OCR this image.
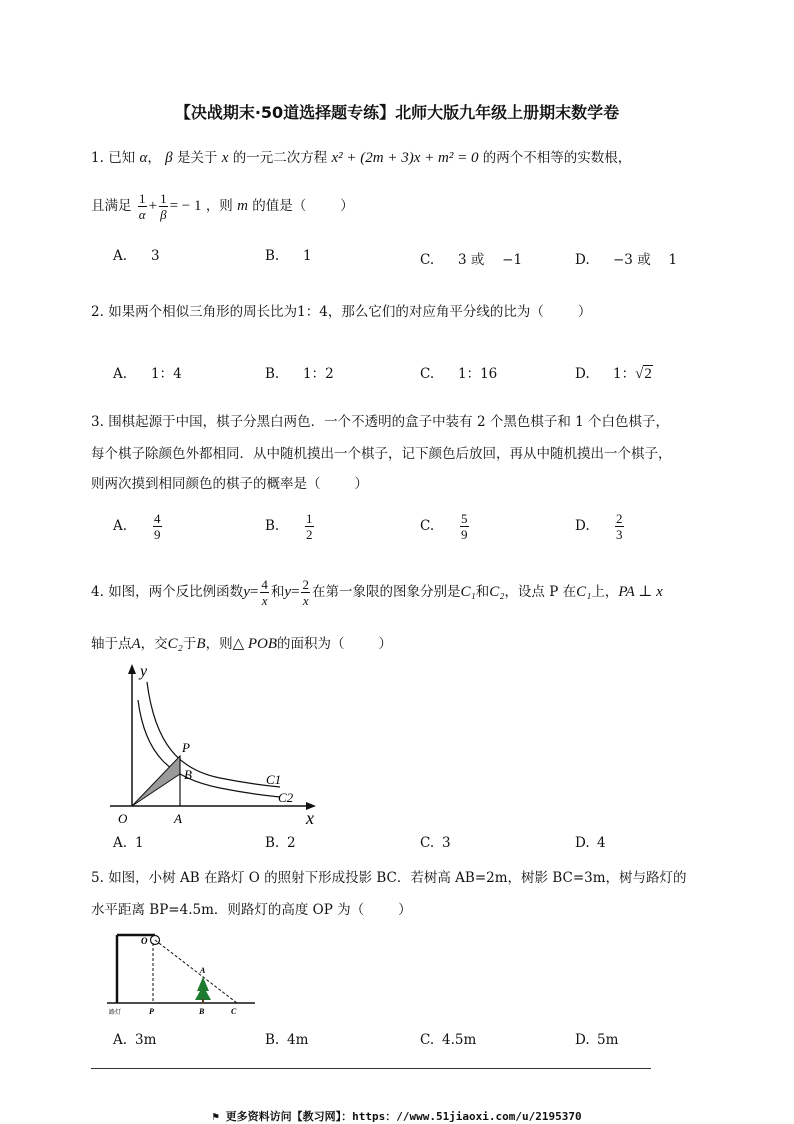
【决战期末·50道选择题专练】北师大版九年级上册期末数学卷
1. 已知 α， β 是关于 x 的一元二次方程 x² + (2m + 3)x + m² = 0 的两个不相等的实数根，
且满足 $\frac{1}{\alpha} + \frac{1}{\beta}$ = − 1 ，则 m 的值是（	）
A. 3	B. 1	C. 3 或 　−1	D. −3 或 　1
2. 如果两个相似三角形的周长比为1：4，那么它们的对应角平分线的比为（	）
A. 1：4	B. 1：2	C. 1：16	D. 1：√2
3. 围棋起源于中国，棋子分黑白两色．一个不透明的盒子中装有 2 个黑色棋子和 1 个白色棋子，
每个棋子除颜色外都相同．从中随机摸出一个棋子，记下颜色后放回，再从中随机摸出一个棋子，
则两次摸到相同颜色的棋子的概率是（	）
A. $\frac{4}{9}$	B. $\frac{1}{2}$	C. $\frac{5}{9}$	D. $\frac{2}{3}$
4. 如图，两个反比例函数$y= \frac{4}{x}$ 和$y= \frac{2}{x}$ 在第一象限的图象分别是C₁和C₂，设点 P 在C₁上，PA ⊥ x
轴于点A，交C₂于B，则△ POB的面积为（	）
y
x
O
P
B
A
C1
C2
A. 1	B. 2	C. 3	D. 4
5. 如图，小树 AB 在路灯 O 的照射下形成投影 BC．若树高 AB=2m，树影 BC=3m，树与路灯的
水平距离 BP=4.5m．则路灯的高度 OP 为（	）
O
A
P	B	C
路灯
A. 3m	B. 4m	C. 4.5m	D. 5m
⚑ 更多资料访问【教习网】：https：//www.51jiaoxi.com/u/2195370
